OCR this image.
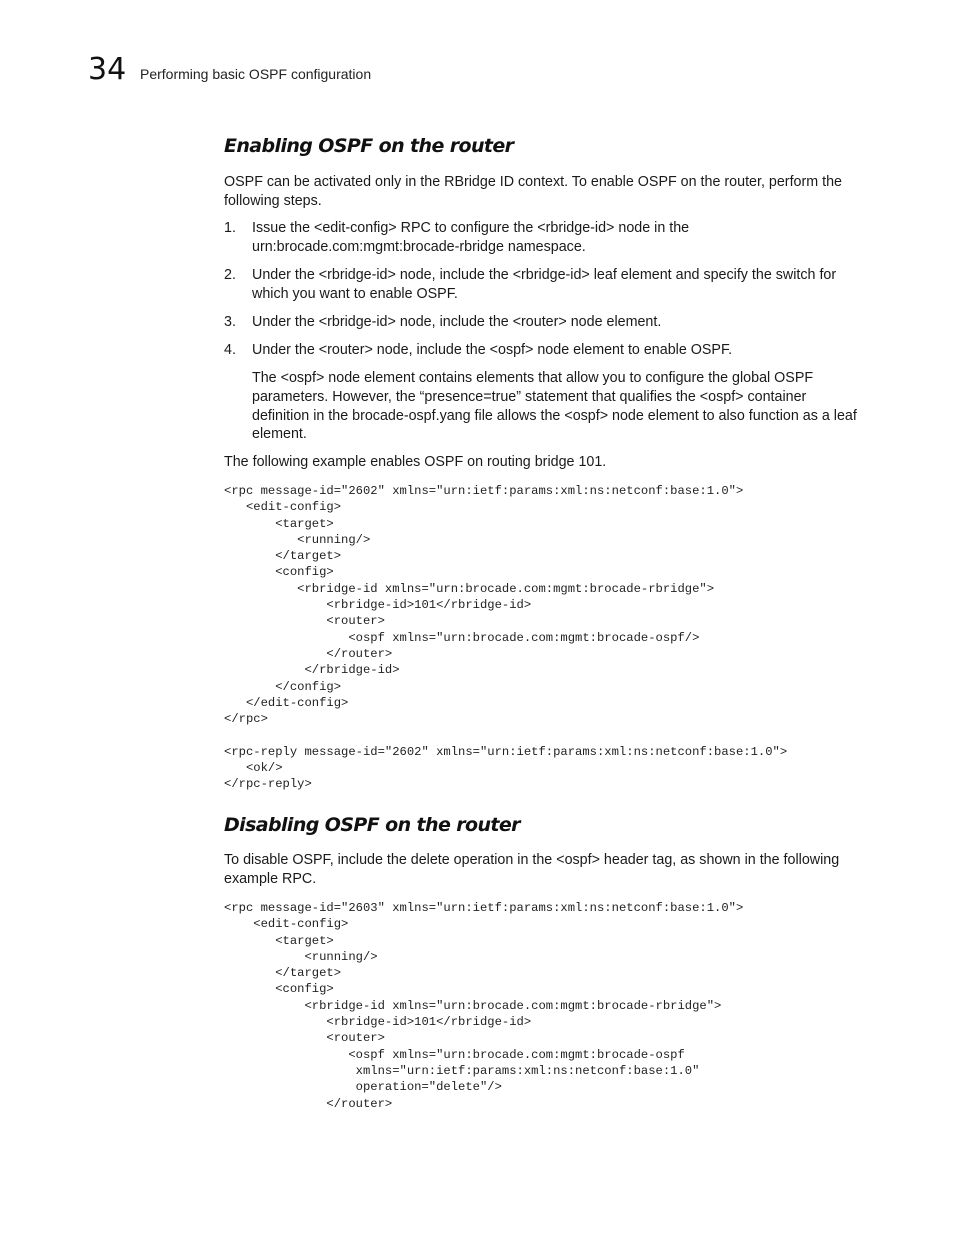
34 Performing basic OSPF configuration
Enabling OSPF on the router
OSPF can be activated only in the RBridge ID context. To enable OSPF on the router, perform the following steps.
1. Issue the <edit-config> RPC to configure the <rbridge-id> node in the urn:brocade.com:mgmt:brocade-rbridge namespace.
2. Under the <rbridge-id> node, include the <rbridge-id> leaf element and specify the switch for which you want to enable OSPF.
3. Under the <rbridge-id> node, include the <router> node element.
4. Under the <router> node, include the <ospf> node element to enable OSPF.
The <ospf> node element contains elements that allow you to configure the global OSPF parameters. However, the “presence=true” statement that qualifies the <ospf> container definition in the brocade-ospf.yang file allows the <ospf> node element to also function as a leaf element.
The following example enables OSPF on routing bridge 101.
<rpc message-id="2602" xmlns="urn:ietf:params:xml:ns:netconf:base:1.0">
<edit-config>
<target>
<running/>
</target>
<config>
<rbridge-id xmlns="urn:brocade.com:mgmt:brocade-rbridge">
<rbridge-id>101</rbridge-id>
<router>
<ospf xmlns="urn:brocade.com:mgmt:brocade-ospf/>
</router>
</rbridge-id>
</config>
</edit-config>
</rpc>

<rpc-reply message-id="2602" xmlns="urn:ietf:params:xml:ns:netconf:base:1.0">
<ok/>
</rpc-reply>
Disabling OSPF on the router
To disable OSPF, include the delete operation in the <ospf> header tag, as shown in the following example RPC.
<rpc message-id="2603" xmlns="urn:ietf:params:xml:ns:netconf:base:1.0">
<edit-config>
<target>
<running/>
</target>
<config>
<rbridge-id xmlns="urn:brocade.com:mgmt:brocade-rbridge">
<rbridge-id>101</rbridge-id>
<router>
<ospf xmlns="urn:brocade.com:mgmt:brocade-ospf
xmlns="urn:ietf:params:xml:ns:netconf:base:1.0"
operation="delete"/>
</router>
